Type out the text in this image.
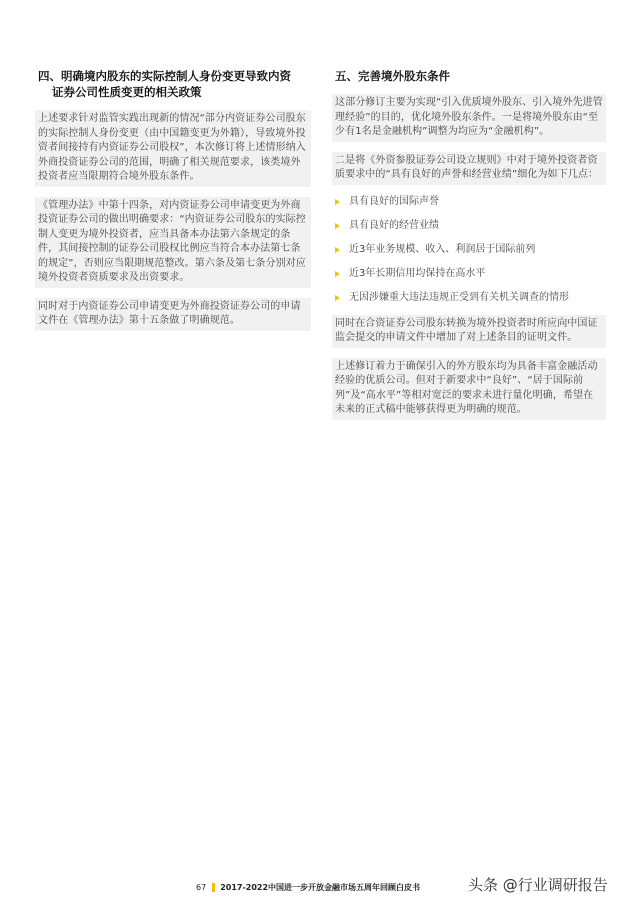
四、明确境内股东的实际控制人身份变更导致内资
证券公司性质变更的相关政策

上述要求针对监管实践出现新的情况“部分内资证券公司股东的实际控制人身份变更（由中国籍变更为外籍），导致境外投资者间接持有内资证券公司股权”，本次修订将上述情形纳入外商投资证券公司的范围，明确了相关规范要求，该类境外投资者应当限期符合境外股东条件。

《管理办法》中第十四条，对内资证券公司申请变更为外商投资证券公司的做出明确要求：“内资证券公司股东的实际控制人变更为境外投资者，应当具备本办法第六条规定的条件，其间接控制的证券公司股权比例应当符合本办法第七条的规定”，否则应当限期规范整改。第六条及第七条分别对应境外投资者资质要求及出资要求。

同时对于内资证券公司申请变更为外商投资证券公司的申请文件在《管理办法》第十五条做了明确规范。

五、完善境外股东条件

这部分修订主要为实现“引入优质境外股东、引入境外先进管理经验”的目的，优化境外股东条件。一是将境外股东由“至少有1名是金融机构”调整为均应为“金融机构”。

二是将《外资参股证券公司设立规则》中对于境外投资者资质要求中的“具有良好的声誉和经营业绩”细化为如下几点：

具有良好的国际声誉
具有良好的经营业绩
近3年业务规模、收入、利润居于国际前列
近3年长期信用均保持在高水平
无因涉嫌重大违法违规正受到有关机关调查的情形

同时在合资证券公司股东转换为境外投资者时所应向中国证监会提交的申请文件中增加了对上述条目的证明文件。

上述修订着力于确保引入的外方股东均为具备丰富金融活动经验的优质公司。但对于新要求中“良好”、“居于国际前列”及“高水平”等相对宽泛的要求未进行量化明确，希望在未来的正式稿中能够获得更为明确的规范。

67 2017-2022中国进一步开放金融市场五周年回顾白皮书	头条 @行业调研报告
